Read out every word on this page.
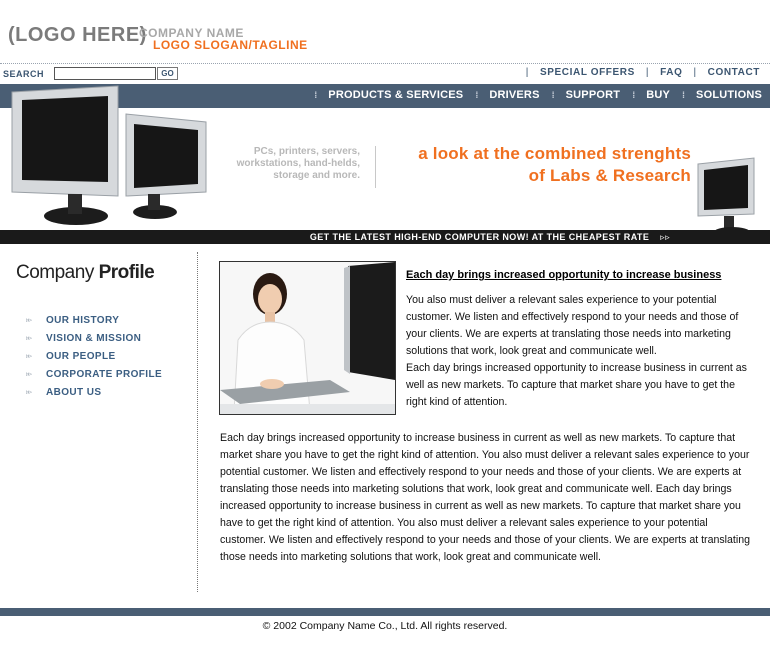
(LOGO HERE)
COMPANY NAME
LOGO SLOGAN/TAGLINE
SEARCH	GO	| SPECIAL OFFERS | FAQ | CONTACT
⁞ PRODUCTS & SERVICES ⁞ DRIVERS ⁞ SUPPORT ⁞ BUY ⁞ SOLUTIONS
PCs, printers, servers, workstations, hand-helds, storage and more.
a look at the combined strenghts
of Labs & Research
GET THE LATEST HIGH-END COMPUTER NOW! AT THE CHEAPEST RATE ▹▹
Company Profile
▹▹	OUR HISTORY
▹▹	VISION & MISSION
▹▹	OUR PEOPLE
▹▹	CORPORATE PROFILE
▹▹	ABOUT US
Each day brings increased opportunity to increase business

You also must deliver a relevant sales experience to your potential customer. We listen and effectively respond to your needs and those of your clients. We are experts at translating those needs into marketing solutions that work, look great and communicate well.

Each day brings increased opportunity to increase business in current as well as new markets. To capture that market share you have to get the right kind of attention.

Each day brings increased opportunity to increase business in current as well as new markets. To capture that market share you have to get the right kind of attention. You also must deliver a relevant sales experience to your potential customer. We listen and effectively respond to your needs and those of your clients. We are experts at translating those needs into marketing solutions that work, look great and communicate well. Each day brings increased opportunity to increase business in current as well as new markets. To capture that market share you have to get the right kind of attention. You also must deliver a relevant sales experience to your potential customer. We listen and effectively respond to your needs and those of your clients. We are experts at translating those needs into marketing solutions that work, look great and communicate well.
© 2002 Company Name Co., Ltd. All rights reserved.
